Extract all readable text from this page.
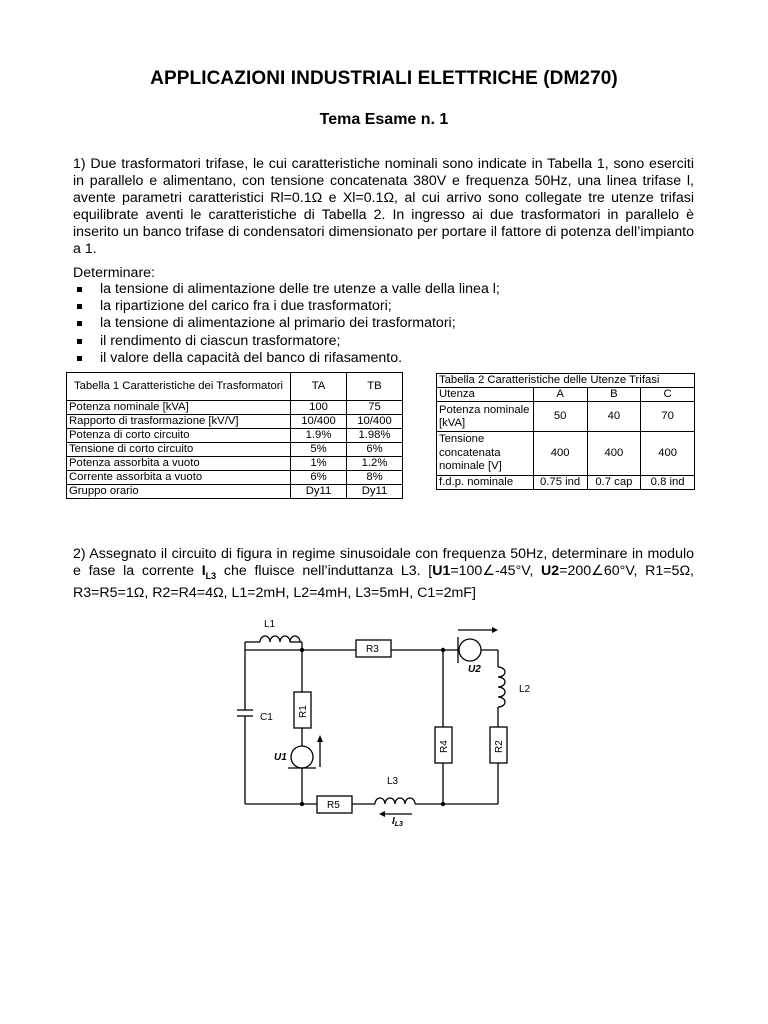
APPLICAZIONI INDUSTRIALI ELETTRICHE (DM270)
Tema Esame n. 1
1) Due trasformatori trifase, le cui caratteristiche nominali sono indicate in Tabella 1, sono eserciti in parallelo e alimentano, con tensione concatenata 380V e frequenza 50Hz, una linea trifase l, avente parametri caratteristici Rl=0.1Ω e Xl=0.1Ω, al cui arrivo sono collegate tre utenze trifasi equilibrate aventi le caratteristiche di Tabella 2. In ingresso ai due trasformatori in parallelo è inserito un banco trifase di condensatori dimensionato per portare il fattore di potenza dell’impianto a 1.
Determinare:
la tensione di alimentazione delle tre utenze a valle della linea l;
la ripartizione del carico fra i due trasformatori;
la tensione di alimentazione al primario dei trasformatori;
il rendimento di ciascun trasformatore;
il valore della capacità del banco di rifasamento.
Tabella 1 Caratteristiche dei Trasformatori	TA	TB
Potenza nominale [kVA]	100	75
Rapporto di trasformazione [kV/V]	10/400	10/400
Potenza di corto circuito	1.9%	1.98%
Tensione di corto circuito	5%	6%
Potenza assorbita a vuoto	1%	1.2%
Corrente assorbita a vuoto	6%	8%
Gruppo orario	Dy11	Dy11
Tabella 2 Caratteristiche delle Utenze Trifasi			
Utenza	A	B	C
Potenza nominale [kVA]	50	40	70
Tensione concatenata nominale [V]	400	400	400
f.d.p. nominale	0.75 ind	0.7 cap	0.8 ind
2) Assegnato il circuito di figura in regime sinusoidale con frequenza 50Hz, determinare in modulo e fase la corrente $I_{L3}$ che fluisce nell’induttanza L3. [U1=100∠-45°V, U2=200∠60°V, R1=5Ω, R3=R5=1Ω, R2=R4=4Ω, L1=2mH, L2=4mH, L3=5mH, C1=2mF]
L1
R3
U2
L2
C1	R1
U1
R4	R2
L3
R5
$I_{L3}$
